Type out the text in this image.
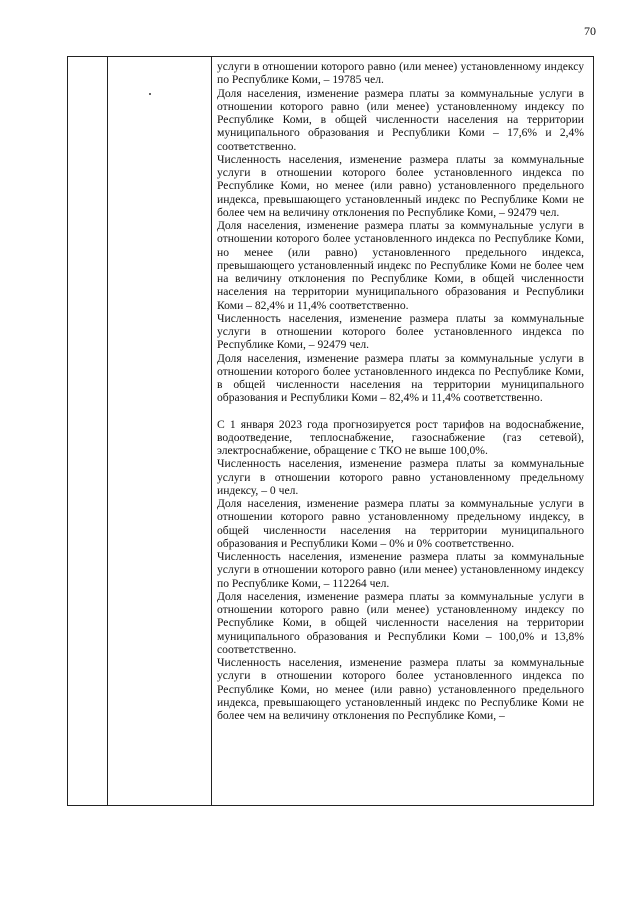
70

услуги в отношении которого равно (или менее) установленному индексу по Республике Коми, – 19785 чел.

Доля населения, изменение размера платы за коммунальные услуги в отношении которого равно (или менее) установленному индексу по Республике Коми, в общей численности населения на территории муниципального образования и Республики Коми – 17,6% и 2,4% соответственно.

Численность населения, изменение размера платы за коммунальные услуги в отношении которого более установленного индекса по Республике Коми, но менее (или равно) установленного предельного индекса, превышающего установленный индекс по Республике Коми не более чем на величину отклонения по Республике Коми, – 92479 чел.

Доля населения, изменение размера платы за коммунальные услуги в отношении которого более установленного индекса по Республике Коми, но менее (или равно) установленного предельного индекса, превышающего установленный индекс по Республике Коми не более чем на величину отклонения по Республике Коми, в общей численности населения на территории муниципального образования и Республики Коми – 82,4% и 11,4% соответственно.

Численность населения, изменение размера платы за коммунальные услуги в отношении которого более установленного индекса по Республике Коми, – 92479 чел.

Доля населения, изменение размера платы за коммунальные услуги в отношении которого более установленного индекса по Республике Коми, в общей численности населения на территории муниципального образования и Республики Коми – 82,4% и 11,4% соответственно.

С 1 января 2023 года прогнозируется рост тарифов на водоснабжение, водоотведение, теплоснабжение, газоснабжение (газ сетевой), электроснабжение, обращение с ТКО не выше 100,0%.

Численность населения, изменение размера платы за коммунальные услуги в отношении которого равно установленному предельному индексу, – 0 чел.

Доля населения, изменение размера платы за коммунальные услуги в отношении которого равно установленному предельному индексу, в общей численности населения на территории муниципального образования и Республики Коми – 0% и 0% соответственно.

Численность населения, изменение размера платы за коммунальные услуги в отношении которого равно (или менее) установленному индексу по Республике Коми, – 112264 чел.

Доля населения, изменение размера платы за коммунальные услуги в отношении которого равно (или менее) установленному индексу по Республике Коми, в общей численности населения на территории муниципального образования и Республики Коми – 100,0% и 13,8% соответственно.

Численность населения, изменение размера платы за коммунальные услуги в отношении которого более установленного индекса по Республике Коми, но менее (или равно) установленного предельного индекса, превышающего установленный индекс по Республике Коми не более чем на величину отклонения по Республике Коми, –
